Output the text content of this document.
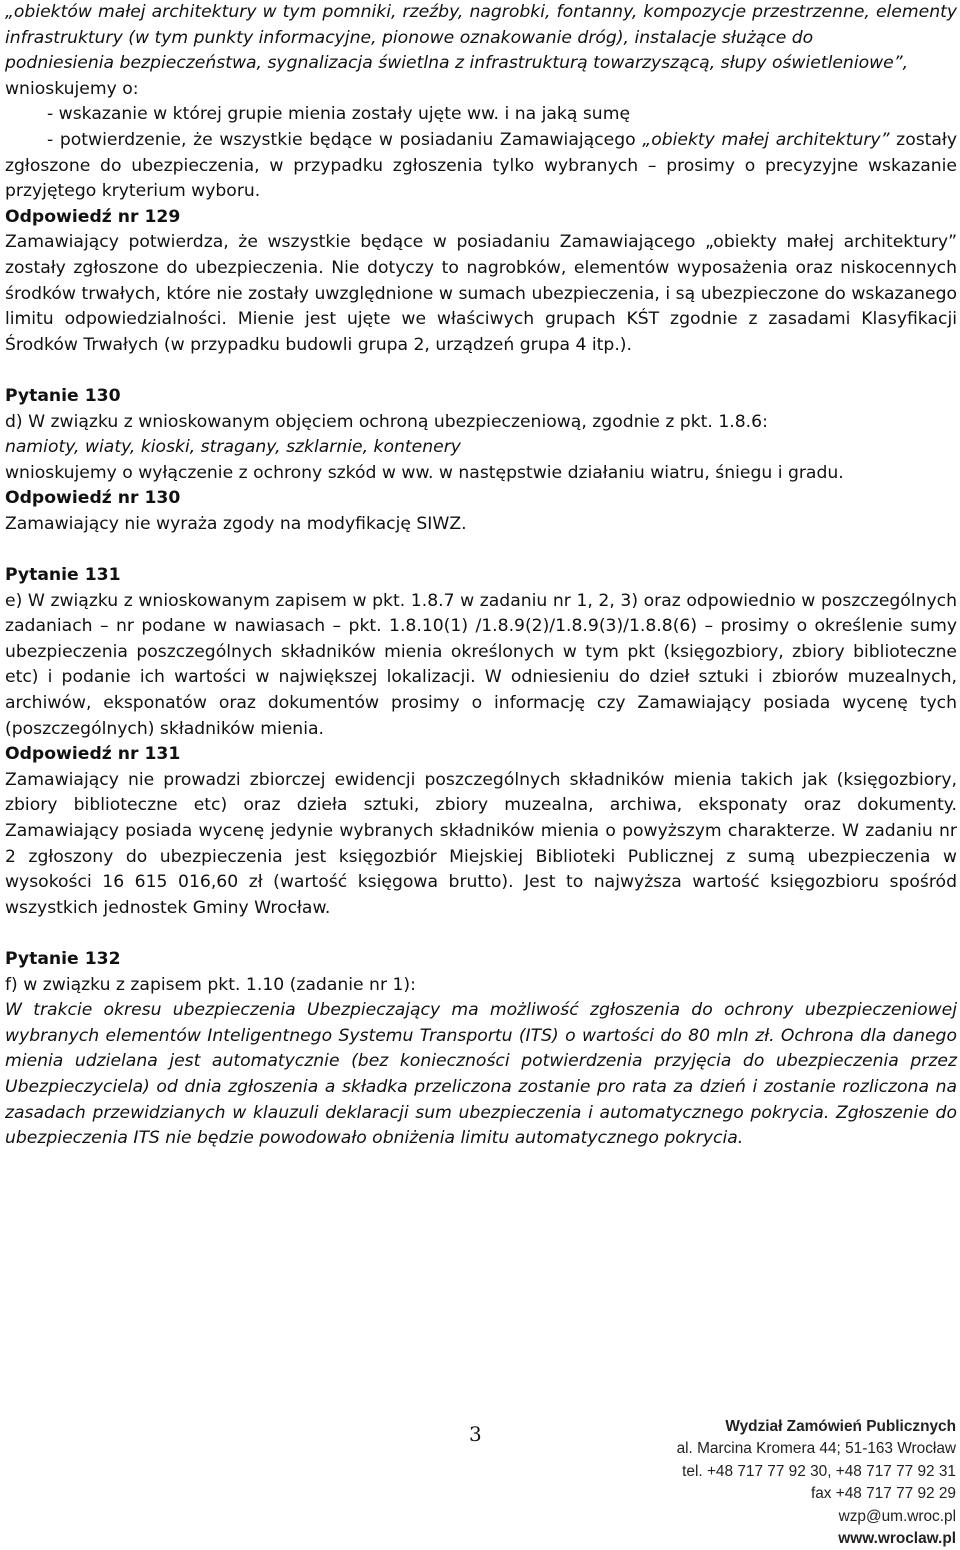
„obiektów małej architektury w tym pomniki, rzeźby, nagrobki, fontanny, kompozycje przestrzenne, elementy infrastruktury (w tym punkty informacyjne, pionowe oznakowanie dróg), instalacje służące do
podniesienia bezpieczeństwa, sygnalizacja świetlna z infrastrukturą towarzyszącą, słupy oświetleniowe”,

wnioskujemy o:

- wskazanie w której grupie mienia zostały ujęte ww. i na jaką sumę

- potwierdzenie, że wszystkie będące w posiadaniu Zamawiającego „obiekty małej architektury” zostały zgłoszone do ubezpieczenia, w przypadku zgłoszenia tylko wybranych – prosimy o precyzyjne wskazanie przyjętego kryterium wyboru.

Odpowiedź nr 129

Zamawiający potwierdza, że wszystkie będące w posiadaniu Zamawiającego „obiekty małej architektury” zostały zgłoszone do ubezpieczenia. Nie dotyczy to nagrobków, elementów wyposażenia oraz niskocennych środków trwałych, które nie zostały uwzględnione w sumach ubezpieczenia, i są ubezpieczone do wskazanego limitu odpowiedzialności. Mienie jest ujęte we właściwych grupach KŚT zgodnie z zasadami Klasyfikacji Środków Trwałych (w przypadku budowli grupa 2, urządzeń grupa 4 itp.).

Pytanie 130

d) W związku z wnioskowanym objęciem ochroną ubezpieczeniową, zgodnie z pkt. 1.8.6:

namioty, wiaty, kioski, stragany, szklarnie, kontenery

wnioskujemy o wyłączenie z ochrony szkód w ww. w następstwie działaniu wiatru, śniegu i gradu.

Odpowiedź nr 130

Zamawiający nie wyraża zgody na modyfikację SIWZ.

Pytanie 131

e) W związku z wnioskowanym zapisem w pkt. 1.8.7 w zadaniu nr 1, 2, 3) oraz odpowiednio w poszczególnych zadaniach – nr podane w nawiasach – pkt. 1.8.10(1) /1.8.9(2)/1.8.9(3)/1.8.8(6) – prosimy o określenie sumy ubezpieczenia poszczególnych składników mienia określonych w tym pkt (księgozbiory, zbiory biblioteczne etc) i podanie ich wartości w największej lokalizacji. W odniesieniu do dzieł sztuki i zbiorów muzealnych, archiwów, eksponatów oraz dokumentów prosimy o informację czy Zamawiający posiada wycenę tych (poszczególnych) składników mienia.

Odpowiedź nr 131

Zamawiający nie prowadzi zbiorczej ewidencji poszczególnych składników mienia takich jak (księgozbiory, zbiory biblioteczne etc) oraz dzieła sztuki, zbiory muzealna, archiwa, eksponaty oraz dokumenty. Zamawiający posiada wycenę jedynie wybranych składników mienia o powyższym charakterze. W zadaniu nr 2 zgłoszony do ubezpieczenia jest księgozbiór Miejskiej Biblioteki Publicznej z sumą ubezpieczenia w wysokości 16 615 016,60 zł (wartość księgowa brutto). Jest to najwyższa wartość księgozbioru spośród wszystkich jednostek Gminy Wrocław.

Pytanie 132

f) w związku z zapisem pkt. 1.10 (zadanie nr 1):

W trakcie okresu ubezpieczenia Ubezpieczający ma możliwość zgłoszenia do ochrony ubezpieczeniowej wybranych elementów Inteligentnego Systemu Transportu (ITS) o wartości do 80 mln zł. Ochrona dla danego mienia udzielana jest automatycznie (bez konieczności potwierdzenia przyjęcia do ubezpieczenia przez Ubezpieczyciela) od dnia zgłoszenia a składka przeliczona zostanie pro rata za dzień i zostanie rozliczona na zasadach przewidzianych w klauzuli deklaracji sum ubezpieczenia i automatycznego pokrycia. Zgłoszenie do ubezpieczenia ITS nie będzie powodowało obniżenia limitu automatycznego pokrycia.

3	Wydział Zamówień Publicznych
al. Marcina Kromera 44; 51-163 Wrocław
tel. +48 717 77 92 30, +48 717 77 92 31
fax +48 717 77 92 29
wzp@um.wroc.pl
www.wroclaw.pl
